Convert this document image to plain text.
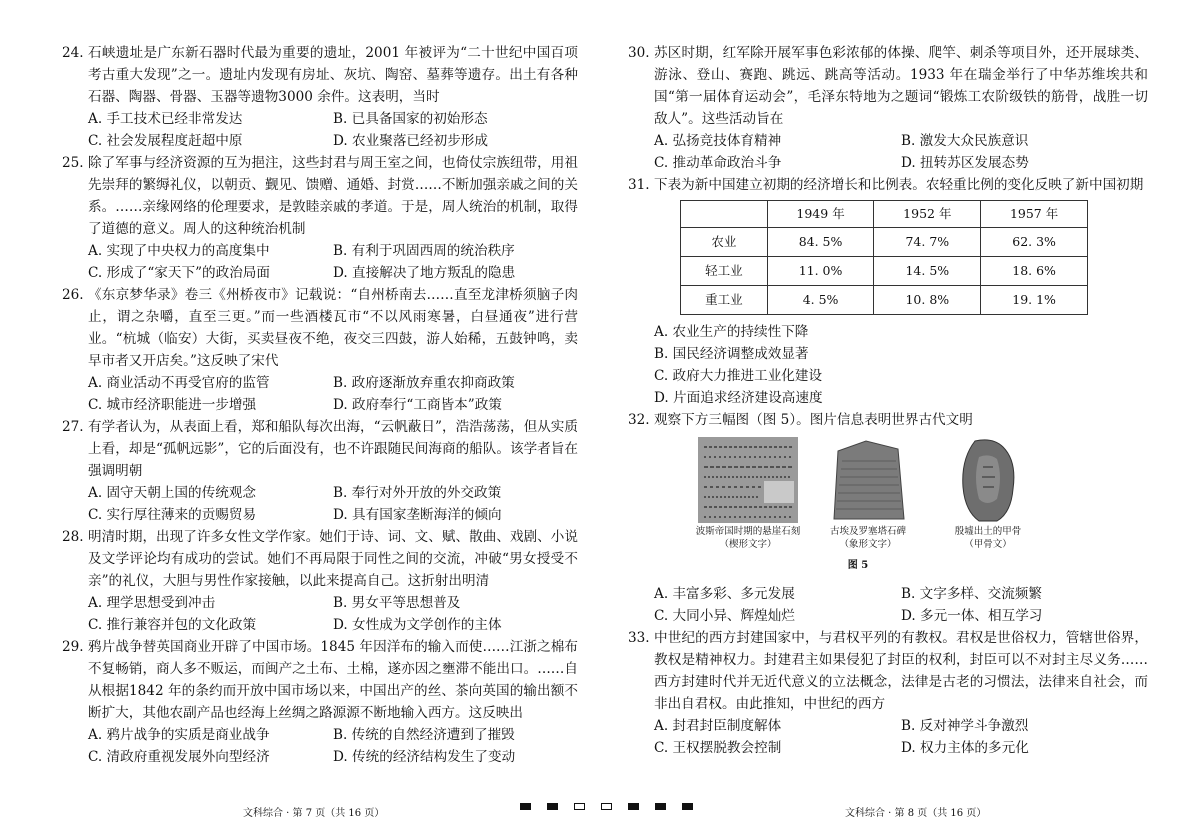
24. 石峡遗址是广东新石器时代最为重要的遗址，2001 年被评为“二十世纪中国百项考古重大发现”之一。遗址内发现有房址、灰坑、陶窑、墓葬等遗存。出土有各种石器、陶器、骨器、玉器等遗物3000 余件。这表明，当时
A. 手工技术已经非常发达	B. 已具备国家的初始形态
C. 社会发展程度赶超中原	D. 农业聚落已经初步形成
25. 除了军事与经济资源的互为挹注，这些封君与周王室之间，也倚仗宗族纽带，用祖先崇拜的繁缛礼仪，以朝贡、觐见、馈赠、通婚、封赏……不断加强亲戚之间的关系。……亲缘网络的伦理要求，是敦睦亲戚的孝道。于是，周人统治的机制，取得了道德的意义。周人的这种统治机制
A. 实现了中央权力的高度集中	B. 有利于巩固西周的统治秩序
C. 形成了“家天下”的政治局面	D. 直接解决了地方叛乱的隐患
26. 《东京梦华录》卷三《州桥夜市》记载说：“自州桥南去……直至龙津桥须脑子肉止，谓之杂嚼，直至三更。”而一些酒楼瓦市“不以风雨寒暑，白昼通夜”进行营业。“杭城（临安）大街，买卖昼夜不绝，夜交三四鼓，游人始稀，五鼓钟鸣，卖早市者又开店矣。”这反映了宋代
A. 商业活动不再受官府的监管	B. 政府逐渐放弃重农抑商政策
C. 城市经济职能进一步增强	D. 政府奉行“工商皆本”政策
27. 有学者认为，从表面上看，郑和船队每次出海，“云帆蔽日”，浩浩荡荡，但从实质上看，却是“孤帆远影”，它的后面没有，也不许跟随民间海商的船队。该学者旨在强调明朝
A. 固守天朝上国的传统观念	B. 奉行对外开放的外交政策
C. 实行厚往薄来的贡赐贸易	D. 具有国家垄断海洋的倾向
28. 明清时期，出现了许多女性文学作家。她们于诗、词、文、赋、散曲、戏剧、小说及文学评论均有成功的尝试。她们不再局限于同性之间的交流，冲破“男女授受不亲”的礼仪，大胆与男性作家接触，以此来提高自己。这折射出明清
A. 理学思想受到冲击	B. 男女平等思想普及
C. 推行兼容并包的文化政策	D. 女性成为文学创作的主体
29. 鸦片战争替英国商业开辟了中国市场。1845 年因洋布的输入而使……江浙之棉布不复畅销，商人多不贩运，而闽产之土布、土棉，遂亦因之壅滞不能出口。……自从根据1842 年的条约而开放中国市场以来，中国出产的丝、茶向英国的输出额不断扩大，其他农副产品也经海上丝绸之路源源不断地输入西方。这反映出
A. 鸦片战争的实质是商业战争	B. 传统的自然经济遭到了摧毁
C. 清政府重视发展外向型经济	D. 传统的经济结构发生了变动
30. 苏区时期，红军除开展军事色彩浓郁的体操、爬竿、刺杀等项目外，还开展球类、游泳、登山、赛跑、跳远、跳高等活动。1933 年在瑞金举行了中华苏维埃共和国“第一届体育运动会”，毛泽东特地为之题词“锻炼工农阶级铁的筋骨，战胜一切敌人”。这些活动旨在
A. 弘扬竞技体育精神	B. 激发大众民族意识
C. 推动革命政治斗争	D. 扭转苏区发展态势
31. 下表为新中国建立初期的经济增长和比例表。农轻重比例的变化反映了新中国初期
	1949 年	1952 年	1957 年
农业	84. 5%	74. 7%	62. 3%
轻工业	11. 0%	14. 5%	18. 6%
重工业	4. 5%	10. 8%	19. 1%
A. 农业生产的持续性下降
B. 国民经济调整成效显著
C. 政府大力推进工业化建设
D. 片面追求经济建设高速度
32. 观察下方三幅图（图 5）。图片信息表明世界古代文明
波斯帝国时期的悬崖石刻
（楔形文字）
古埃及罗塞塔石碑
（象形文字）
殷墟出土的甲骨
（甲骨文）
图 5
A. 丰富多彩、多元发展	B. 文字多样、交流频繁
C. 大同小异、辉煌灿烂	D. 多元一体、相互学习
33. 中世纪的西方封建国家中，与君权平列的有教权。君权是世俗权力，管辖世俗界，教权是精神权力。封建君主如果侵犯了封臣的权利，封臣可以不对封主尽义务……西方封建时代并无近代意义的立法概念，法律是古老的习惯法，法律来自社会，而非出自君权。由此推知，中世纪的西方
A. 封君封臣制度解体	B. 反对神学斗争激烈
C. 王权摆脱教会控制	D. 权力主体的多元化
文科综合 · 第 7 页（共 16 页）	文科综合 · 第 8 页（共 16 页）
